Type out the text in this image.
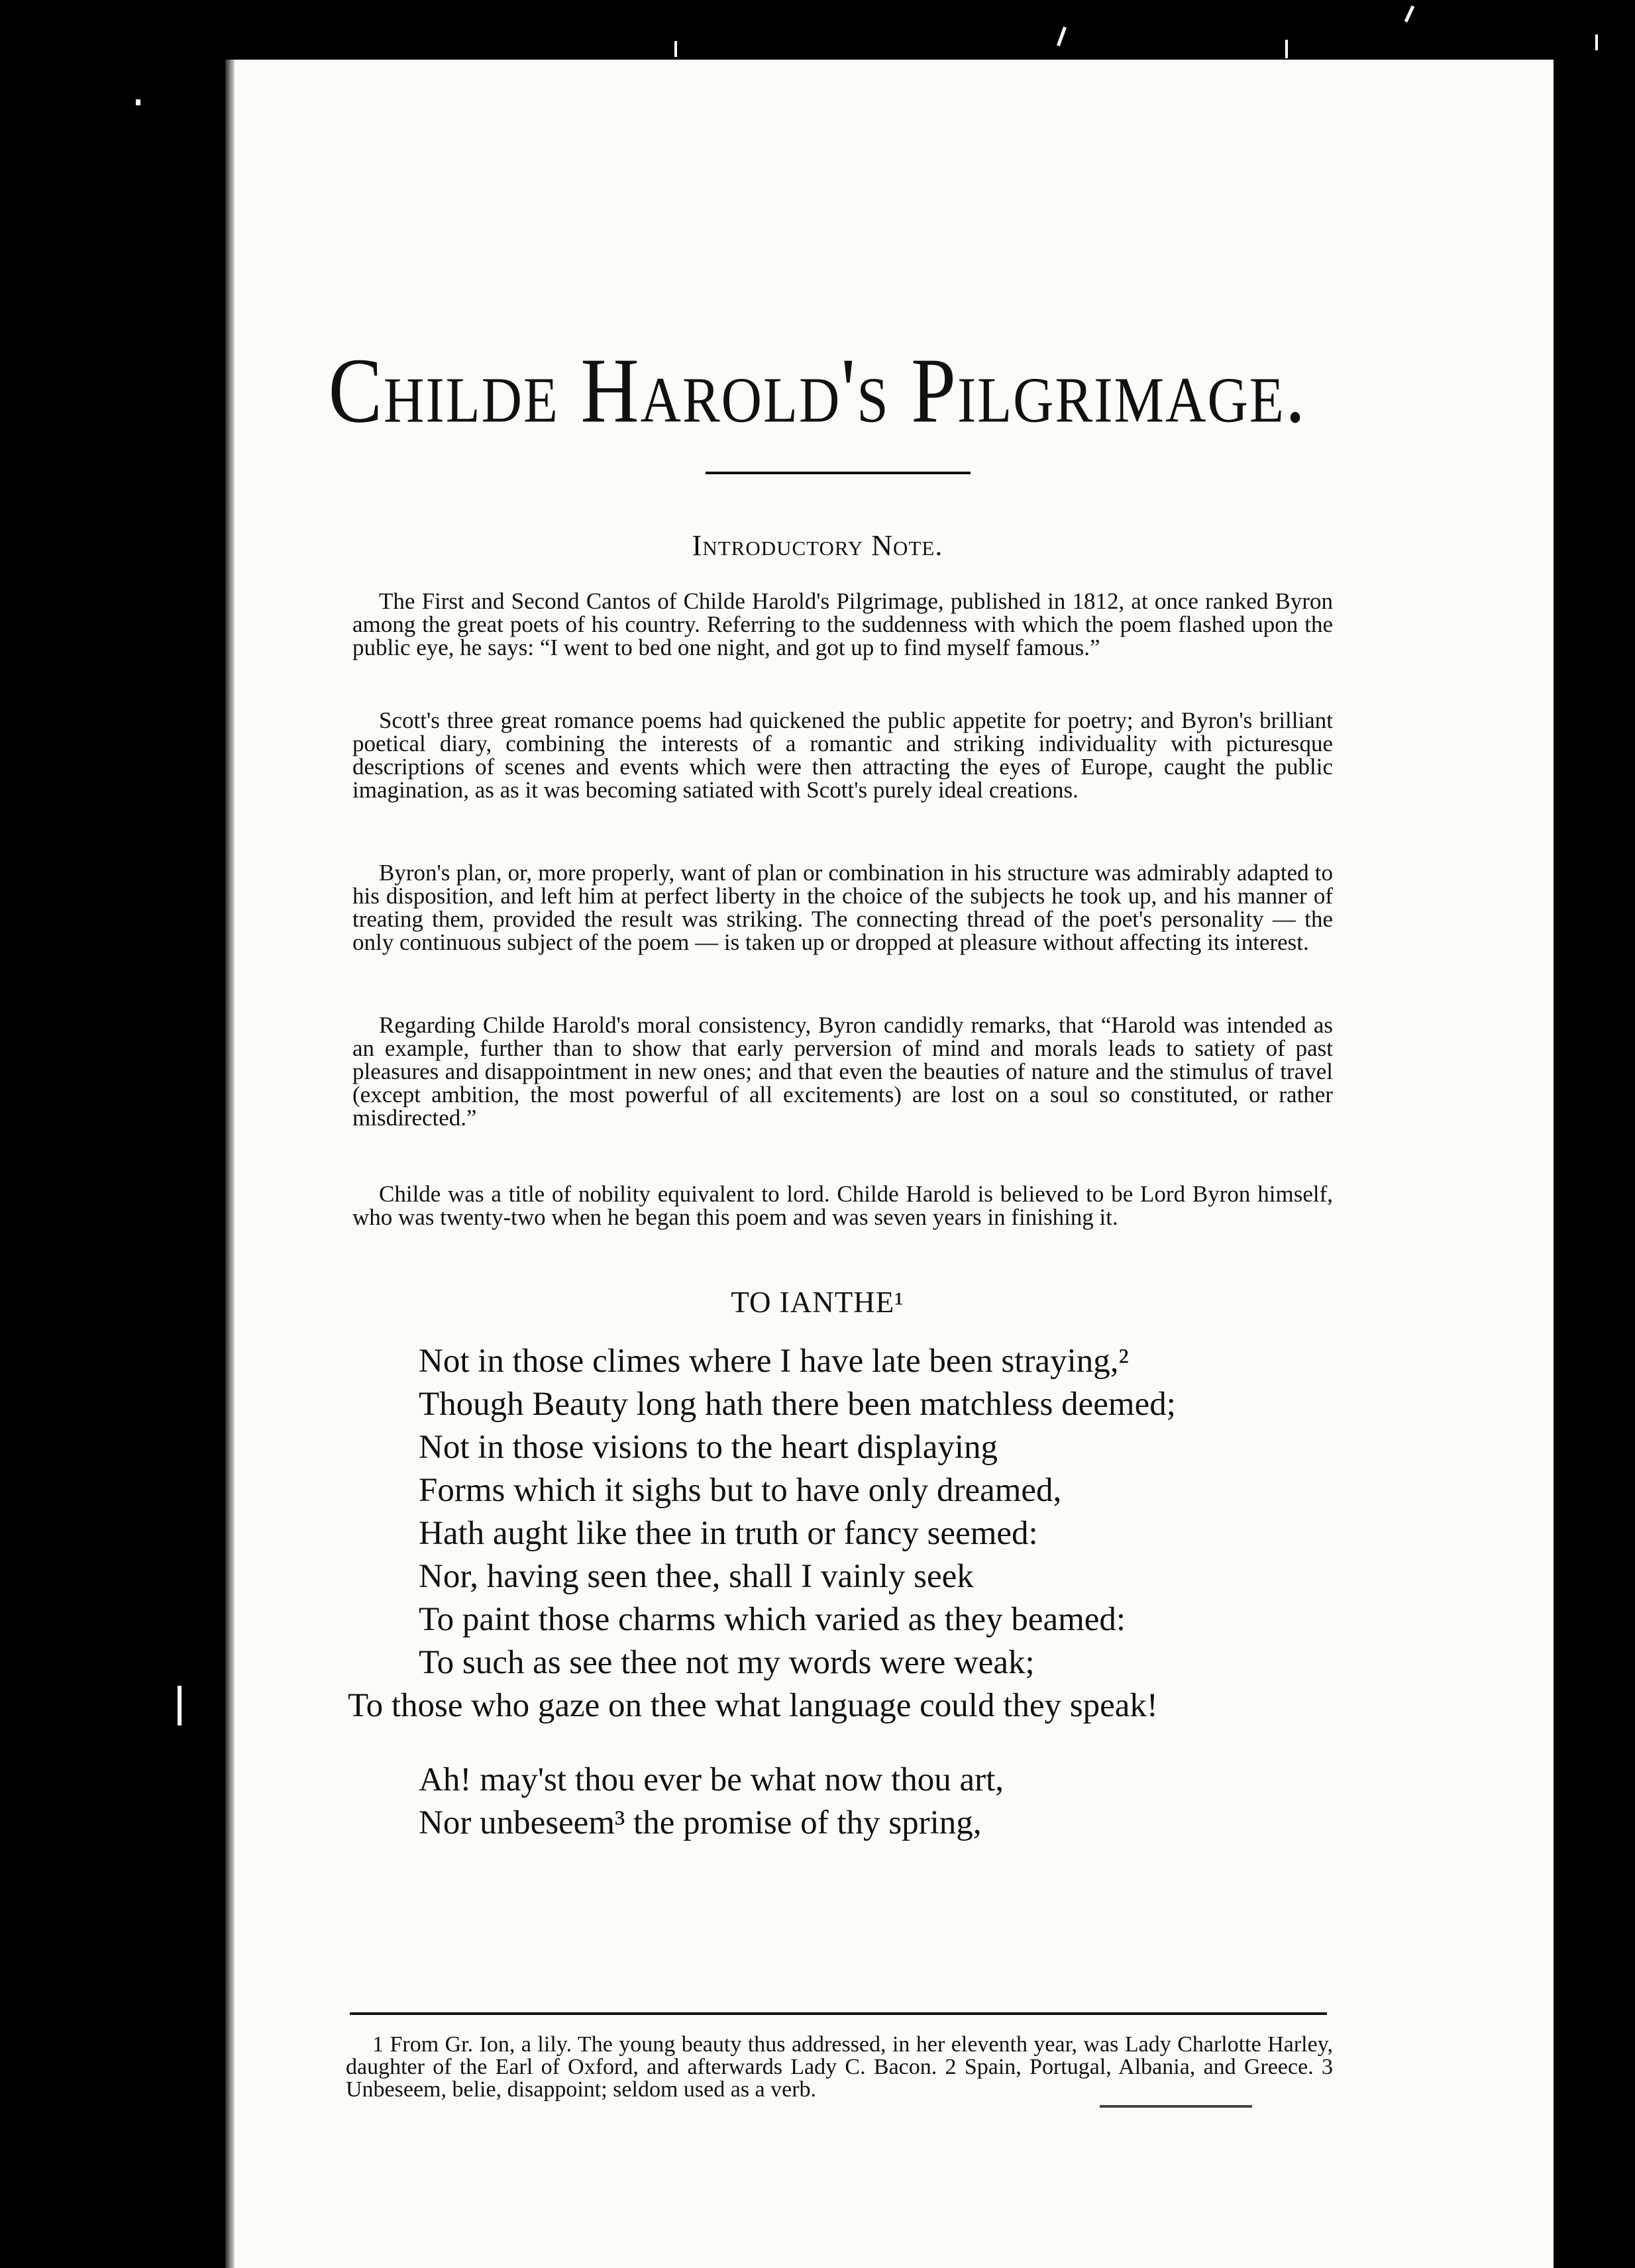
Childe Harold's Pilgrimage.
Introductory Note.

The First and Second Cantos of Childe Harold's Pilgrimage, published in 1812, at once ranked Byron among the great poets of his country. Referring to the suddenness with which the poem flashed upon the public eye, he says: “I went to bed one night, and got up to find myself famous.”

Scott's three great romance poems had quickened the public appetite for poetry; and Byron's brilliant poetical diary, combining the interests of a romantic and striking individuality with picturesque descriptions of scenes and events which were then attracting the eyes of Europe, caught the public imagination, as as it was becoming satiated with Scott's purely ideal creations.

Byron's plan, or, more properly, want of plan or combination in his structure was admirably adapted to his disposition, and left him at perfect liberty in the choice of the subjects he took up, and his manner of treating them, provided the result was striking. The connecting thread of the poet's personality — the only continuous subject of the poem — is taken up or dropped at pleasure without affecting its interest.

Regarding Childe Harold's moral consistency, Byron candidly remarks, that “Harold was intended as an example, further than to show that early perversion of mind and morals leads to satiety of past pleasures and disappointment in new ones; and that even the beauties of nature and the stimulus of travel (except ambition, the most powerful of all excitements) are lost on a soul so constituted, or rather misdirected.”

Childe was a title of nobility equivalent to lord. Childe Harold is believed to be Lord Byron himself, who was twenty-two when he began this poem and was seven years in finishing it.

TO IANTHE¹

Not in those climes where I have late been straying,²

Though Beauty long hath there been matchless deemed;

Not in those visions to the heart displaying

Forms which it sighs but to have only dreamed,

Hath aught like thee in truth or fancy seemed:

Nor, having seen thee, shall I vainly seek

To paint those charms which varied as they beamed:

To such as see thee not my words were weak;

To those who gaze on thee what language could they speak!

Ah! may'st thou ever be what now thou art,

Nor unbeseem³ the promise of thy spring,

1 From Gr. Ion, a lily. The young beauty thus addressed, in her eleventh year, was Lady Charlotte Harley, daughter of the Earl of Oxford, and afterwards Lady C. Bacon. 2 Spain, Portugal, Albania, and Greece. 3 Unbeseem, belie, disappoint; seldom used as a verb.
